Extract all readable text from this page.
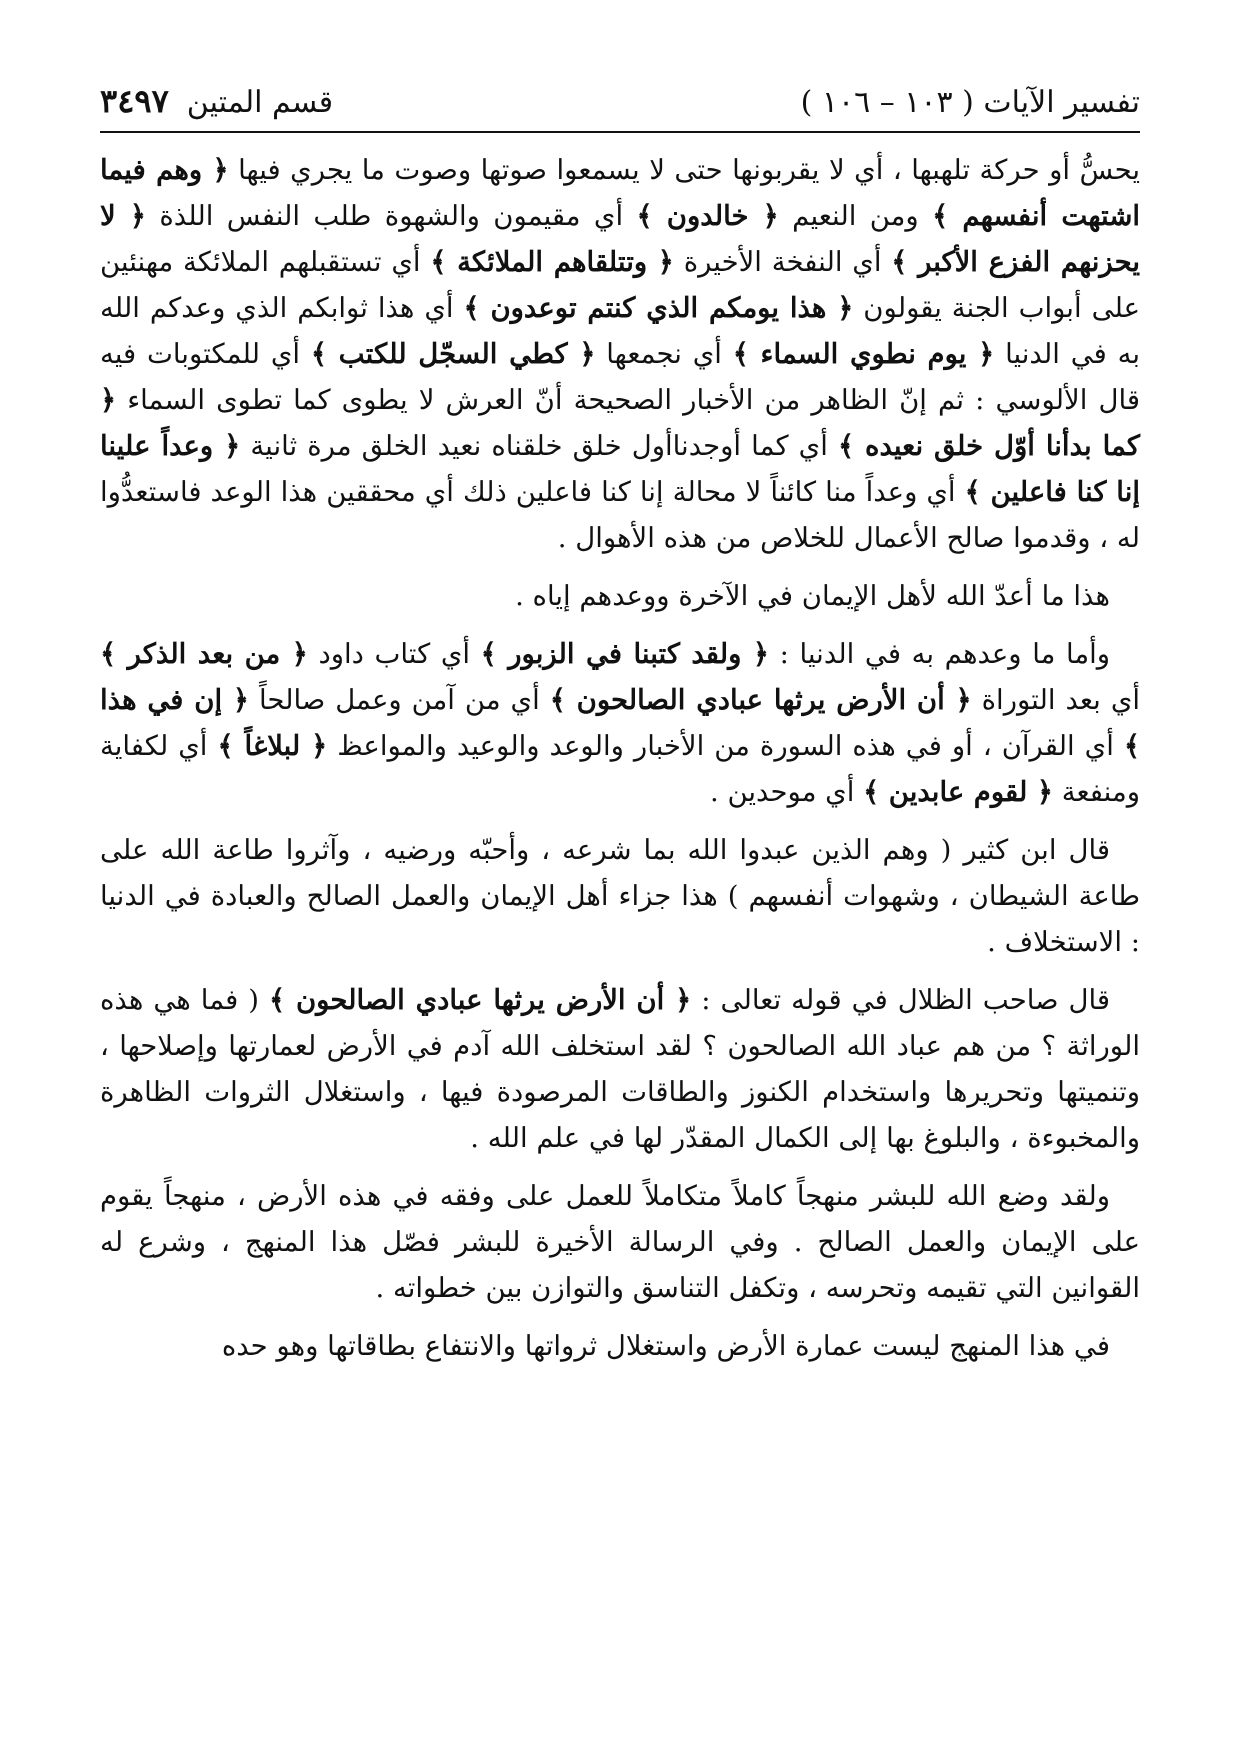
تفسير الآيات ( ١٠٣ – ١٠٦ )
قسم المتين
٣٤٩٧

يحسُّ أو حركة تلهبها ، أي لا يقربونها حتى لا يسمعوا صوتها وصوت ما يجري فيها ﴿ وهم فيما اشتهت أنفسهم ﴾ ومن النعيم ﴿ خالدون ﴾ أي مقيمون والشهوة طلب النفس اللذة ﴿ لا يحزنهم الفزع الأكبر ﴾ أي النفخة الأخيرة ﴿ وتتلقاهم الملائكة ﴾ أي تستقبلهم الملائكة مهنئين على أبواب الجنة يقولون ﴿ هذا يومكم الذي كنتم توعدون ﴾ أي هذا ثوابكم الذي وعدكم الله به في الدنيا ﴿ يوم نطوي السماء ﴾ أي نجمعها ﴿ كطي السجّل للكتب ﴾ أي للمكتوبات فيه قال الألوسي : ثم إنّ الظاهر من الأخبار الصحيحة أنّ العرش لا يطوى كما تطوى السماء ﴿ كما بدأنا أوّل خلق نعيده ﴾ أي كما أوجدناأول خلق خلقناه نعيد الخلق مرة ثانية ﴿ وعداً علينا إنا كنا فاعلين ﴾ أي وعداً منا كائناً لا محالة إنا كنا فاعلين ذلك أي محققين هذا الوعد فاستعدُّوا له ، وقدموا صالح الأعمال للخلاص من هذه الأهوال .

هذا ما أعدّ الله لأهل الإيمان في الآخرة ووعدهم إياه .

وأما ما وعدهم به في الدنيا : ﴿ ولقد كتبنا في الزبور ﴾ أي كتاب داود ﴿ من بعد الذكر ﴾ أي بعد التوراة ﴿ أن الأرض يرثها عبادي الصالحون ﴾ أي من آمن وعمل صالحاً ﴿ إن في هذا ﴾ أي القرآن ، أو في هذه السورة من الأخبار والوعد والوعيد والمواعظ ﴿ لبلاغاً ﴾ أي لكفاية ومنفعة ﴿ لقوم عابدين ﴾ أي موحدين .

قال ابن كثير ( وهم الذين عبدوا الله بما شرعه ، وأحبّه ورضيه ، وآثروا طاعة الله على طاعة الشيطان ، وشهوات أنفسهم ) هذا جزاء أهل الإيمان والعمل الصالح والعبادة في الدنيا : الاستخلاف .

قال صاحب الظلال في قوله تعالى : ﴿ أن الأرض يرثها عبادي الصالحون ﴾ ( فما هي هذه الوراثة ؟ من هم عباد الله الصالحون ؟ لقد استخلف الله آدم في الأرض لعمارتها وإصلاحها ، وتنميتها وتحريرها واستخدام الكنوز والطاقات المرصودة فيها ، واستغلال الثروات الظاهرة والمخبوءة ، والبلوغ بها إلى الكمال المقدّر لها في علم الله .

ولقد وضع الله للبشر منهجاً كاملاً متكاملاً للعمل على وفقه في هذه الأرض ، منهجاً يقوم على الإيمان والعمل الصالح . وفي الرسالة الأخيرة للبشر فصّل هذا المنهج ، وشرع له القوانين التي تقيمه وتحرسه ، وتكفل التناسق والتوازن بين خطواته .

في هذا المنهج ليست عمارة الأرض واستغلال ثرواتها والانتفاع بطاقاتها وهو حده
